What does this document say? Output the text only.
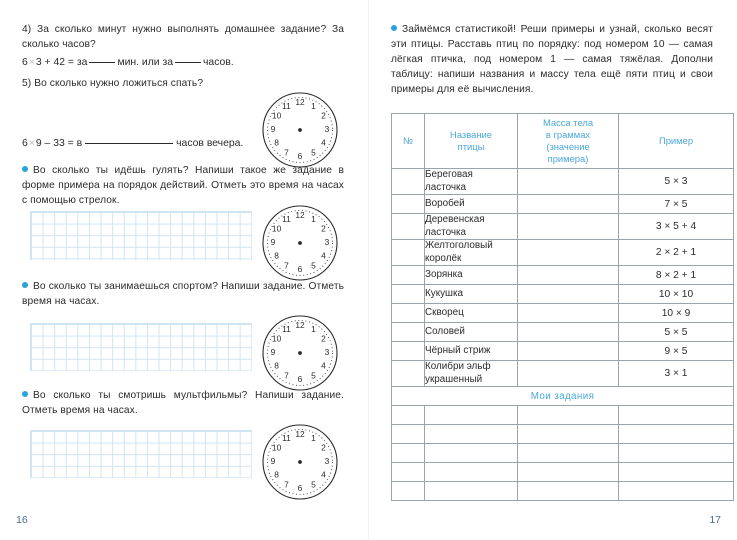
4) За сколько минут нужно выполнять домашнее задание? За сколько часов?
6×3 + 42 = за	мин. или за	часов.
5) Во сколько нужно ложиться спать?
12 1
2
3
4
5
6
7
8
9
10
11
6×9 – 33 = в	часов вечера.
Во сколько ты идёшь гулять? Напиши такое же задание в форме примера на порядок действий. Отметь это время на часах с помощью стрелок.
12 1
2
3
4
5
6
7
8
9
10
11
Во сколько ты занимаешься спортом? Напиши задание. Отметь время на часах.
12 1
2
3
4
5
6
7
8
9
10
11
Во сколько ты смотришь мультфильмы? Напиши задание. Отметь время на часах.
12 1
2
3
4
5
6
7
8
9
10
11
16
Займёмся статистикой! Реши примеры и узнай, сколько весят эти птицы. Расставь птиц по порядку: под номером 10 — самая лёгкая птичка, под номером 1 — самая тяжёлая. Дополни таблицу: напиши названия и массу тела ещё пяти птиц и свои примеры для её вычисления.
№

Название
птицы

Масса тела
в граммах
(значение
примера)

Пример

	Береговая
ласточка		5 × 3

	Воробей		7 × 5

	Деревенская
ласточка		3 × 5 + 4

	Желтоголовый
королёк		2 × 2 + 1

	Зорянка		8 × 2 + 1

	Кукушка		10 × 10

	Скворец		10 × 9

	Соловей		5 × 5

	Чёрный стриж		9 × 5

	Колибри эльф
украшенный		3 × 1
Мои задания			

17
